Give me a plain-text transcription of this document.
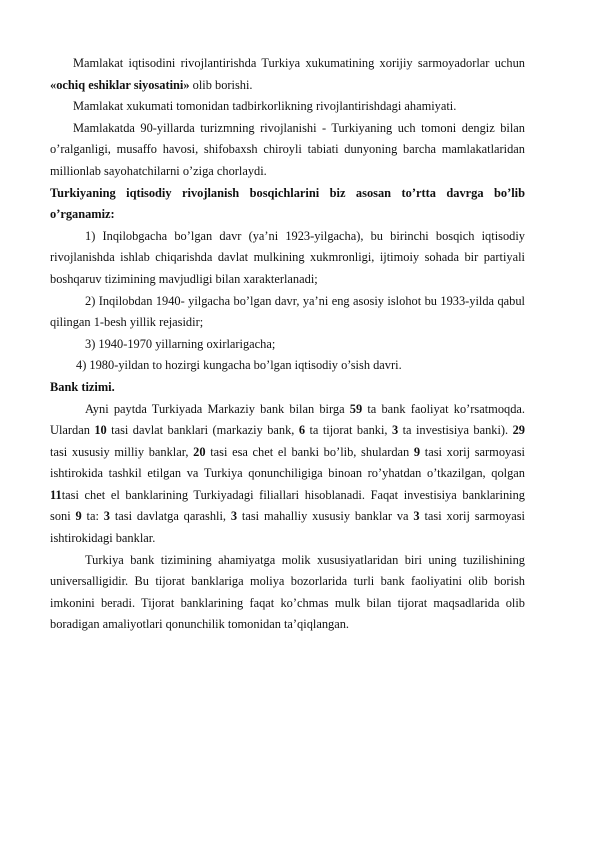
Mamlakat iqtisodini rivojlantirishda Turkiya xukumatining xorijiy sarmoyadorlar uchun «ochiq eshiklar siyosatini» olib borishi.

Mamlakat xukumati tomonidan tadbirkorlikning rivojlantirishdagi ahamiyati.

Mamlakatda 90-yillarda turizmning rivojlanishi - Turkiyaning uch tomoni dengiz bilan o’ralganligi, musaffo havosi, shifobaxsh chiroyli tabiati dunyoning barcha mamlakatlaridan millionlab sayohatchilarni o’ziga chorlaydi.

Turkiyaning iqtisodiy rivojlanish bosqichlarini biz asosan to’rtta davrga bo’lib o’rganamiz:

1) Inqilobgacha bo’lgan davr (ya’ni 1923-yilgacha), bu birinchi bosqich iqtisodiy rivojlanishda ishlab chiqarishda davlat mulkining xukmronligi, ijtimoiy sohada bir partiyali boshqaruv tizimining mavjudligi bilan xarakterlanadi;

2) Inqilobdan 1940- yilgacha bo’lgan davr, ya’ni eng asosiy islohot bu 1933-yilda qabul qilingan 1-besh yillik rejasidir;

3) 1940-1970 yillarning oxirlarigacha;

4) 1980-yildan to hozirgi kungacha bo’lgan iqtisodiy o’sish davri.

Bank tizimi.

Ayni paytda Turkiyada Markaziy bank bilan birga 59 ta bank faoliyat ko’rsatmoqda. Ulardan 10 tasi davlat banklari (markaziy bank, 6 ta tijorat banki, 3 ta investisiya banki). 29 tasi xususiy milliy banklar, 20 tasi esa chet el banki bo’lib, shulardan 9 tasi xorij sarmoyasi ishtirokida tashkil etilgan va Turkiya qonunchiligiga binoan ro’yhatdan o’tkazilgan, qolgan 11tasi chet el banklarining Turkiyadagi filiallari hisoblanadi. Faqat investisiya banklarining soni 9 ta: 3 tasi davlatga qarashli, 3 tasi mahalliy xususiy banklar va 3 tasi xorij sarmoyasi ishtirokidagi banklar.

Turkiya bank tizimining ahamiyatga molik xususiyatlaridan biri uning tuzilishining universalligidir. Bu tijorat banklariga moliya bozorlarida turli bank faoliyatini olib borish imkonini beradi. Tijorat banklarining faqat ko’chmas mulk bilan tijorat maqsadlarida olib boradigan amaliyotlari qonunchilik tomonidan ta’qiqlangan.
